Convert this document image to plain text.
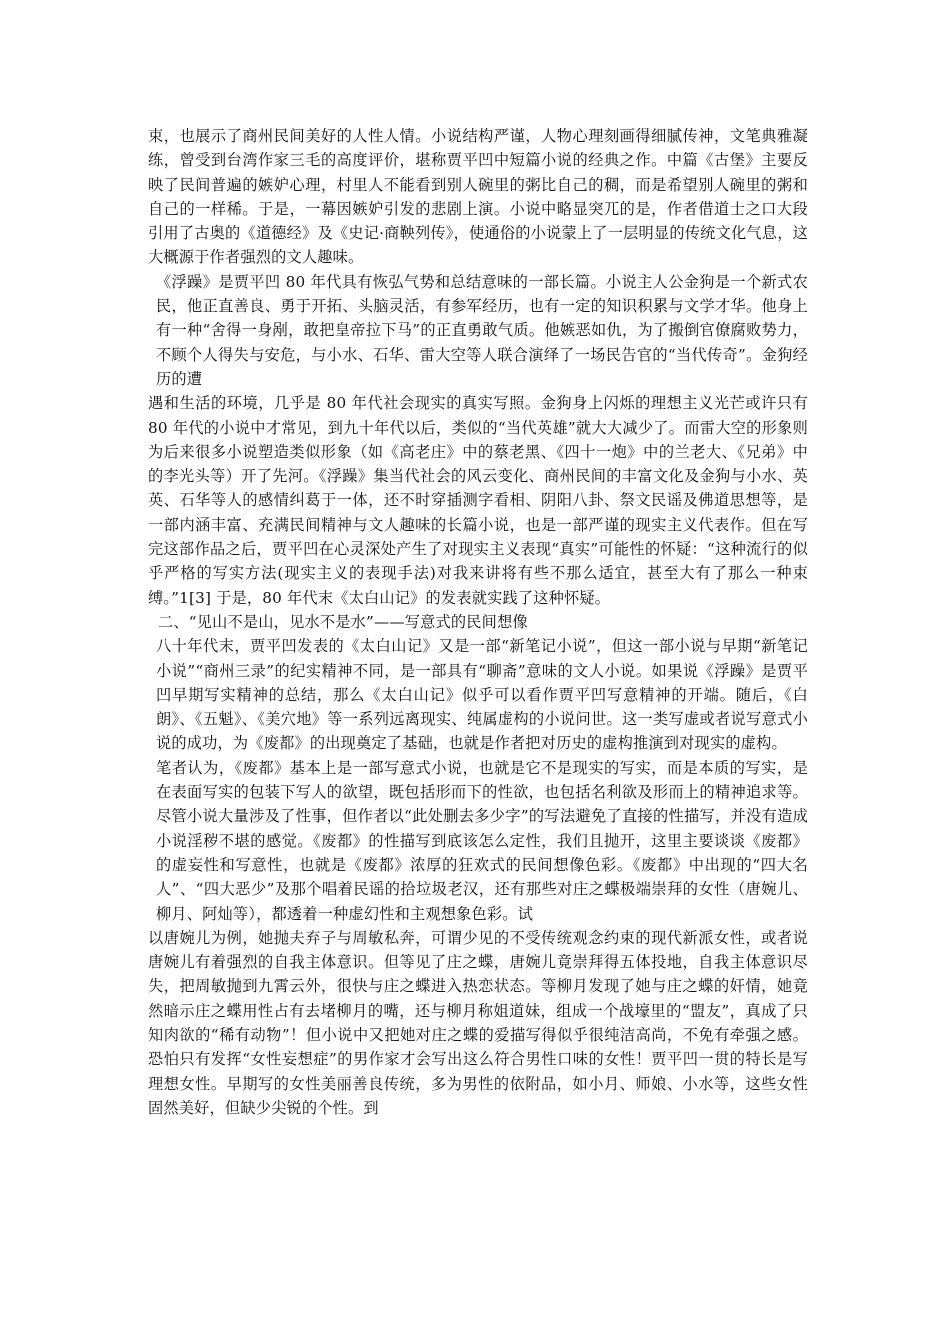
束，也展示了商州民间美好的人性人情。小说结构严谨，人物心理刻画得细腻传神，文笔典雅凝练，曾受到台湾作家三毛的高度评价，堪称贾平凹中短篇小说的经典之作。中篇《古堡》主要反映了民间普遍的嫉妒心理，村里人不能看到别人碗里的粥比自己的稠，而是希望别人碗里的粥和自己的一样稀。于是，一幕因嫉妒引发的悲剧上演。小说中略显突兀的是，作者借道士之口大段引用了古奥的《道德经》及《史记·商鞅列传》，使通俗的小说蒙上了一层明显的传统文化气息，这大概源于作者强烈的文人趣味。

《浮躁》是贾平凹 80 年代具有恢弘气势和总结意味的一部长篇。小说主人公金狗是一个新式农民，他正直善良、勇于开拓、头脑灵活，有参军经历，也有一定的知识积累与文学才华。他身上有一种“舍得一身剐，敢把皇帝拉下马”的正直勇敢气质。他嫉恶如仇，为了搬倒官僚腐败势力，不顾个人得失与安危，与小水、石华、雷大空等人联合演绎了一场民告官的“当代传奇”。金狗经历的遭

遇和生活的环境，几乎是 80 年代社会现实的真实写照。金狗身上闪烁的理想主义光芒或许只有 80 年代的小说中才常见，到九十年代以后，类似的“当代英雄”就大大减少了。而雷大空的形象则为后来很多小说塑造类似形象（如《高老庄》中的蔡老黑、《四十一炮》中的兰老大、《兄弟》中的李光头等）开了先河。《浮躁》集当代社会的风云变化、商州民间的丰富文化及金狗与小水、英英、石华等人的感情纠葛于一体，还不时穿插测字看相、阴阳八卦、祭文民谣及佛道思想等，是一部内涵丰富、充满民间精神与文人趣味的长篇小说，也是一部严谨的现实主义代表作。但在写完这部作品之后，贾平凹在心灵深处产生了对现实主义表现“真实”可能性的怀疑：“这种流行的似乎严格的写实方法(现实主义的表现手法)对我来讲将有些不那么适宜，甚至大有了那么一种束缚。”1[3] 于是，80 年代末《太白山记》的发表就实践了这种怀疑。

二、“见山不是山，见水不是水”——写意式的民间想像

八十年代末，贾平凹发表的《太白山记》又是一部“新笔记小说”，但这一部小说与早期“新笔记小说”“商州三录”的纪实精神不同，是一部具有“聊斋”意味的文人小说。如果说《浮躁》是贾平凹早期写实精神的总结，那么《太白山记》似乎可以看作贾平凹写意精神的开端。随后，《白朗》、《五魁》、《美穴地》等一系列远离现实、纯属虚构的小说问世。这一类写虚或者说写意式小说的成功，为《废都》的出现奠定了基础，也就是作者把对历史的虚构推演到对现实的虚构。

笔者认为，《废都》基本上是一部写意式小说，也就是它不是现实的写实，而是本质的写实，是在表面写实的包装下写人的欲望，既包括形而下的性欲，也包括名利欲及形而上的精神追求等。尽管小说大量涉及了性事，但作者以“此处删去多少字”的写法避免了直接的性描写，并没有造成小说淫秽不堪的感觉。《废都》的性描写到底该怎么定性，我们且抛开，这里主要谈谈《废都》的虚妄性和写意性，也就是《废都》浓厚的狂欢式的民间想像色彩。《废都》中出现的“四大名人”、“四大恶少”及那个唱着民谣的拾垃圾老汉，还有那些对庄之蝶极端崇拜的女性（唐婉儿、柳月、阿灿等），都透着一种虚幻性和主观想象色彩。试

以唐婉儿为例，她抛夫弃子与周敏私奔，可谓少见的不受传统观念约束的现代新派女性，或者说唐婉儿有着强烈的自我主体意识。但等见了庄之蝶，唐婉儿竟崇拜得五体投地，自我主体意识尽失，把周敏抛到九霄云外，很快与庄之蝶进入热恋状态。等柳月发现了她与庄之蝶的奸情，她竟然暗示庄之蝶用性占有去堵柳月的嘴，还与柳月称姐道妹，组成一个战壕里的“盟友”，真成了只知肉欲的“稀有动物”！但小说中又把她对庄之蝶的爱描写得似乎很纯洁高尚，不免有牵强之感。恐怕只有发挥“女性妄想症”的男作家才会写出这么符合男性口味的女性！贾平凹一贯的特长是写理想女性。早期写的女性美丽善良传统，多为男性的依附品，如小月、师娘、小水等，这些女性固然美好，但缺少尖锐的个性。到
